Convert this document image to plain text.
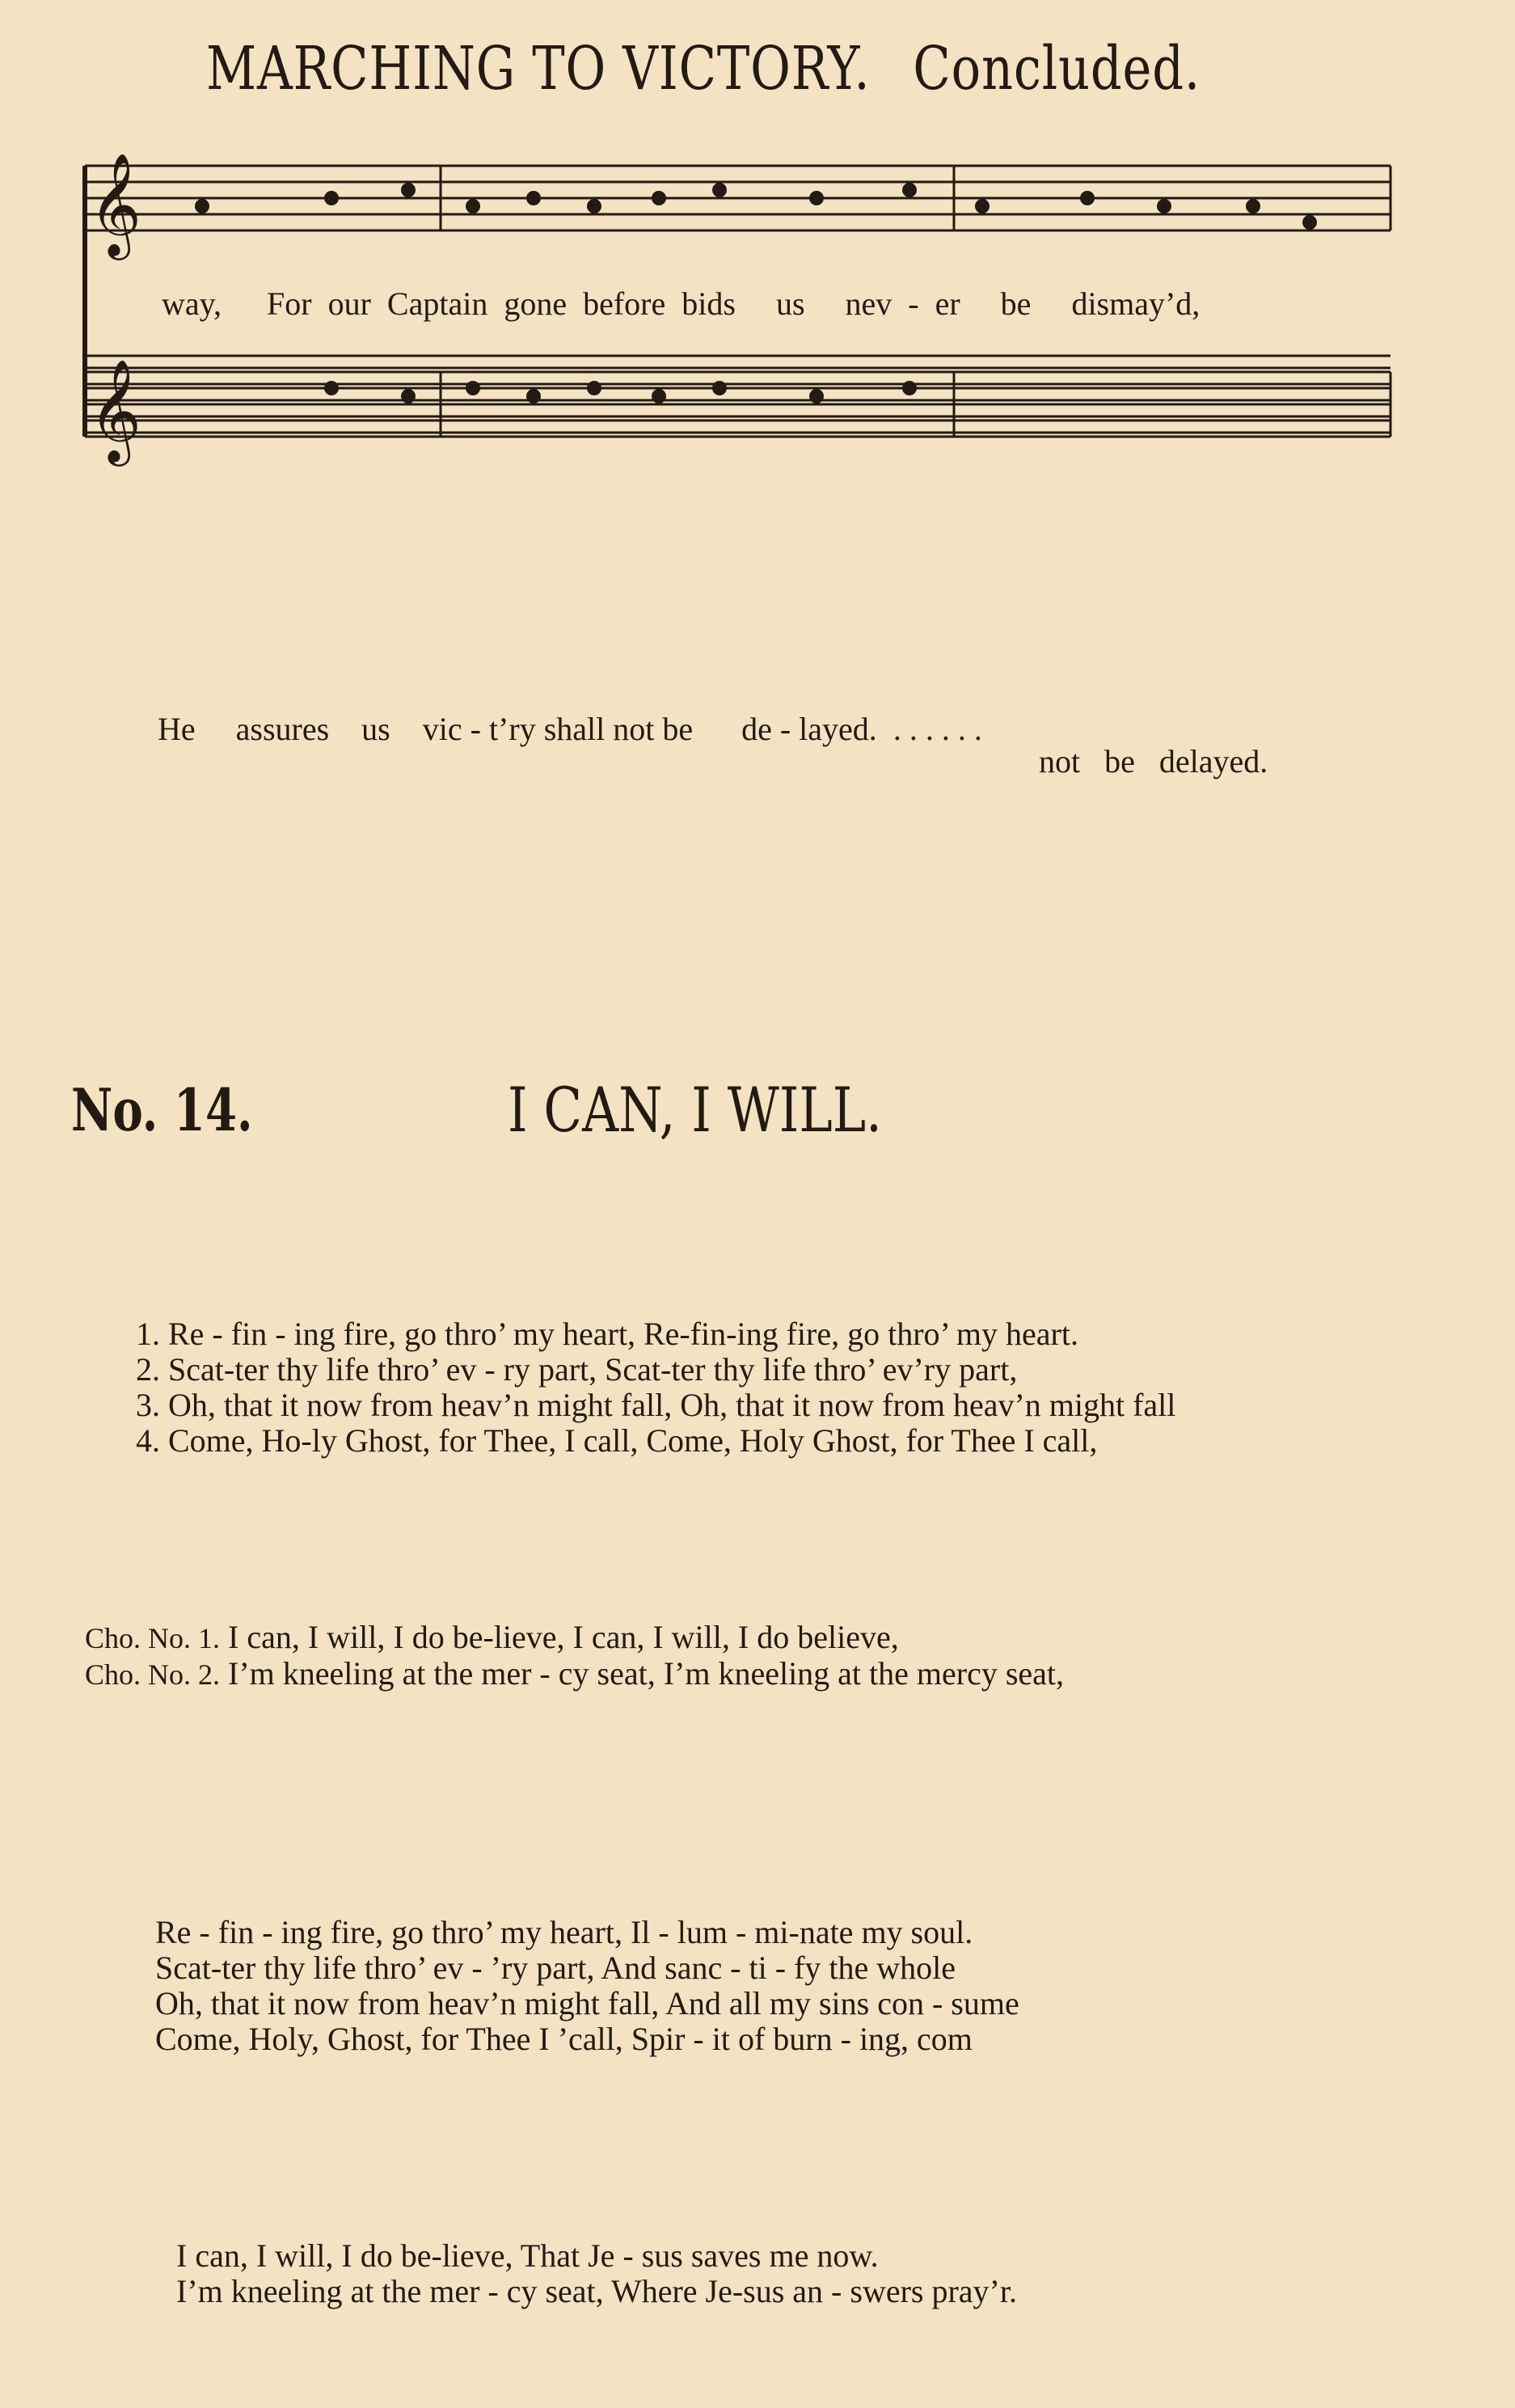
MARCHING TO VICTORY. Concluded.
𝄞
𝄞
way, For our Captain gone before bids us nev - er be dismay’d,
He assures us vic - t’ry shall not be de - layed. . . . . . .
not   be   delayed.
No. 14.	I CAN, I WILL.
1. Re - fin - ing fire, go thro’ my heart, Re-fin-ing fire, go thro’ my heart.
2. Scat-ter thy life thro’ ev - ry part, Scat-ter thy life thro’ ev’ry part,
3. Oh, that it now from heav’n might fall, Oh, that it now from heav’n might fall
4. Come, Ho-ly Ghost, for Thee, I call, Come, Holy Ghost, for Thee I call,
Cho. No. 1. I can, I will, I do be-lieve, I can, I will, I do believe,
Cho. No. 2. I’m kneeling at the mer - cy seat, I’m kneeling at the mercy seat,
Re - fin - ing fire, go thro’ my heart, Il - lum - mi-nate my soul.
Scat-ter thy life thro’ ev - ’ry part, And sanc - ti - fy the whole
Oh, that it now from heav’n might fall, And all my sins con - sume
Come, Holy, Ghost, for Thee I ’call, Spir - it of burn - ing, com
I can, I will, I do be-lieve, That Je - sus saves me now.
I’m kneeling at the mer - cy seat, Where Je-sus an - swers pray’r.
